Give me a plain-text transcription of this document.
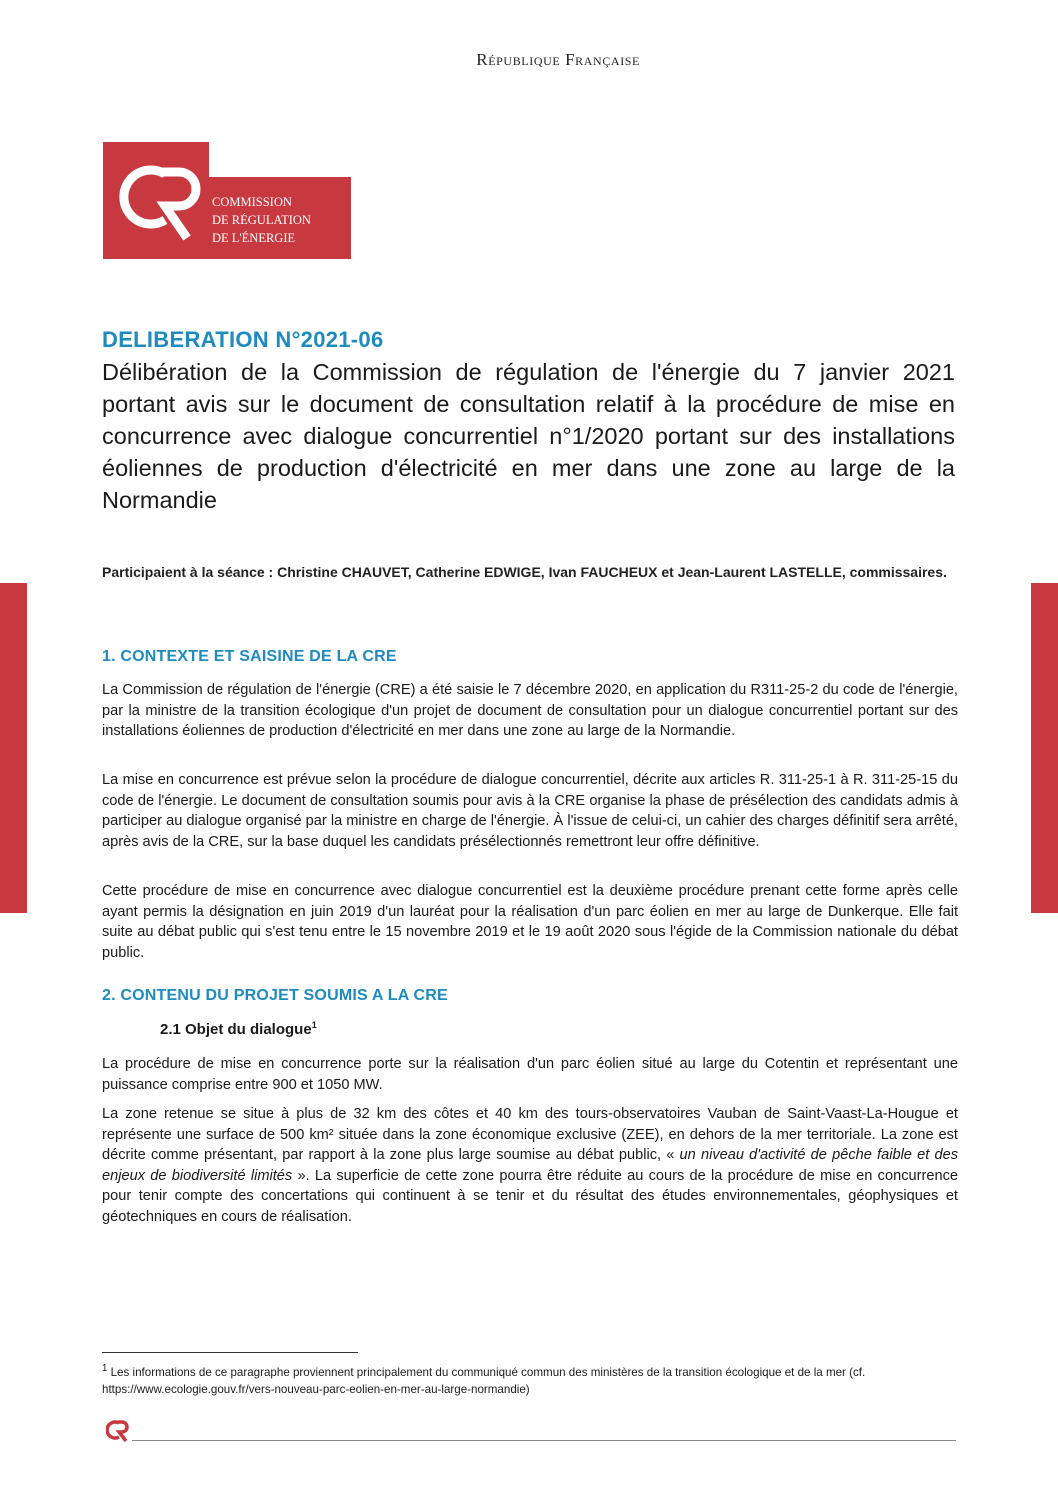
République Française
COMMISSION
DE RÉGULATION
DE L'ÉNERGIE
DELIBERATION N°2021-06

Délibération de la Commission de régulation de l'énergie du 7 janvier 2021 portant avis sur le document de consultation relatif à la procédure de mise en concurrence avec dialogue concurrentiel n°1/2020 portant sur des installations éoliennes de production d'électricité en mer dans une zone au large de la Normandie

Participaient à la séance : Christine CHAUVET, Catherine EDWIGE, Ivan FAUCHEUX et Jean-Laurent LASTELLE, commissaires.

1. CONTEXTE ET SAISINE DE LA CRE

La Commission de régulation de l'énergie (CRE) a été saisie le 7 décembre 2020, en application du R311-25-2 du code de l'énergie, par la ministre de la transition écologique d'un projet de document de consultation pour un dialogue concurrentiel portant sur des installations éoliennes de production d'électricité en mer dans une zone au large de la Normandie.

La mise en concurrence est prévue selon la procédure de dialogue concurrentiel, décrite aux articles R. 311-25-1 à R. 311-25-15 du code de l'énergie. Le document de consultation soumis pour avis à la CRE organise la phase de présélection des candidats admis à participer au dialogue organisé par la ministre en charge de l'énergie. À l'issue de celui-ci, un cahier des charges définitif sera arrêté, après avis de la CRE, sur la base duquel les candidats présélectionnés remettront leur offre définitive.

Cette procédure de mise en concurrence avec dialogue concurrentiel est la deuxième procédure prenant cette forme après celle ayant permis la désignation en juin 2019 d'un lauréat pour la réalisation d'un parc éolien en mer au large de Dunkerque. Elle fait suite au débat public qui s'est tenu entre le 15 novembre 2019 et le 19 août 2020 sous l'égide de la Commission nationale du débat public.

2. CONTENU DU PROJET SOUMIS A LA CRE
2.1 Objet du dialogue$^1$

La procédure de mise en concurrence porte sur la réalisation d'un parc éolien situé au large du Cotentin et représentant une puissance comprise entre 900 et 1050 MW.

La zone retenue se situe à plus de 32 km des côtes et 40 km des tours-observatoires Vauban de Saint-Vaast-La-Hougue et représente une surface de 500 km² située dans la zone économique exclusive (ZEE), en dehors de la mer territoriale. La zone est décrite comme présentant, par rapport à la zone plus large soumise au débat public, « un niveau d'activité de pêche faible et des enjeux de biodiversité limités ». La superficie de cette zone pourra être réduite au cours de la procédure de mise en concurrence pour tenir compte des concertations qui continuent à se tenir et du résultat des études environnementales, géophysiques et géotechniques en cours de réalisation.

$^1$ Les informations de ce paragraphe proviennent principalement du communiqué commun des ministères de la transition écologique et de la mer (cf. https://www.ecologie.gouv.fr/vers-nouveau-parc-eolien-en-mer-au-large-normandie)
